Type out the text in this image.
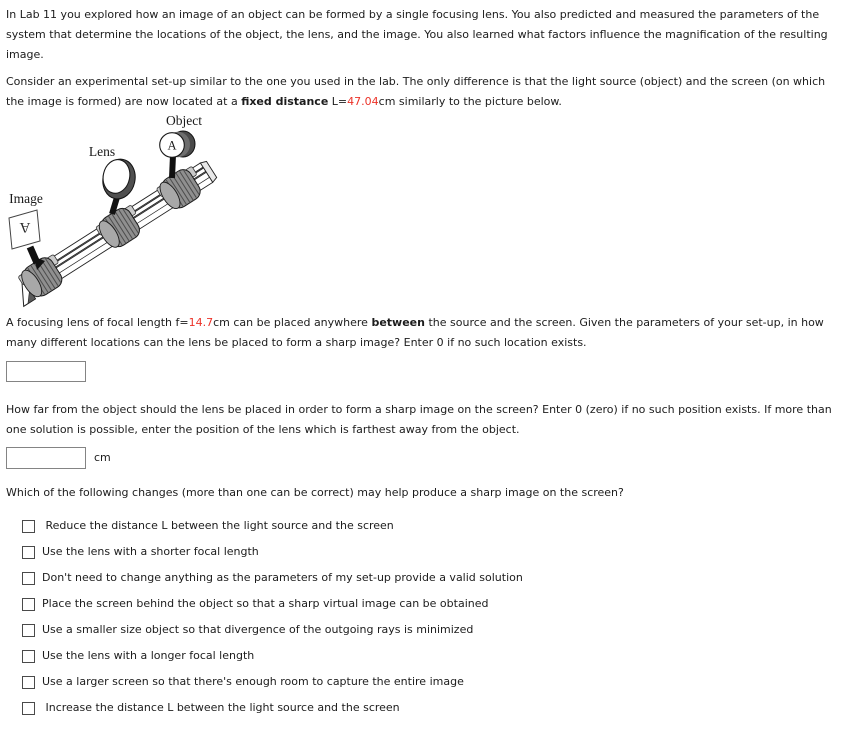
In Lab 11 you explored how an image of an object can be formed by a single focusing lens. You also predicted and measured the parameters of the system that determine the locations of the object, the lens, and the image. You also learned what factors influence the magnification of the resulting image.

Consider an experimental set-up similar to the one you used in the lab. The only difference is that the light source (object) and the screen (on which the image is formed) are now located at a fixed distance L=47.04cm similarly to the picture below.

A
A
Object
Lens
Image

A focusing lens of focal length f=14.7cm can be placed anywhere between the source and the screen. Given the parameters of your set-up, in how many different locations can the lens be placed to form a sharp image? Enter 0 if no such location exists.

How far from the object should the lens be placed in order to form a sharp image on the screen? Enter 0 (zero) if no such position exists. If more than one solution is possible, enter the position of the lens which is farthest away from the object.

cm

Which of the following changes (more than one can be correct) may help produce a sharp image on the screen?

Reduce the distance L between the light source and the screen
Use the lens with a shorter focal length
Don't need to change anything as the parameters of my set-up provide a valid solution
Place the screen behind the object so that a sharp virtual image can be obtained
Use a smaller size object so that divergence of the outgoing rays is minimized
Use the lens with a longer focal length
Use a larger screen so that there's enough room to capture the entire image
Increase the distance L between the light source and the screen
